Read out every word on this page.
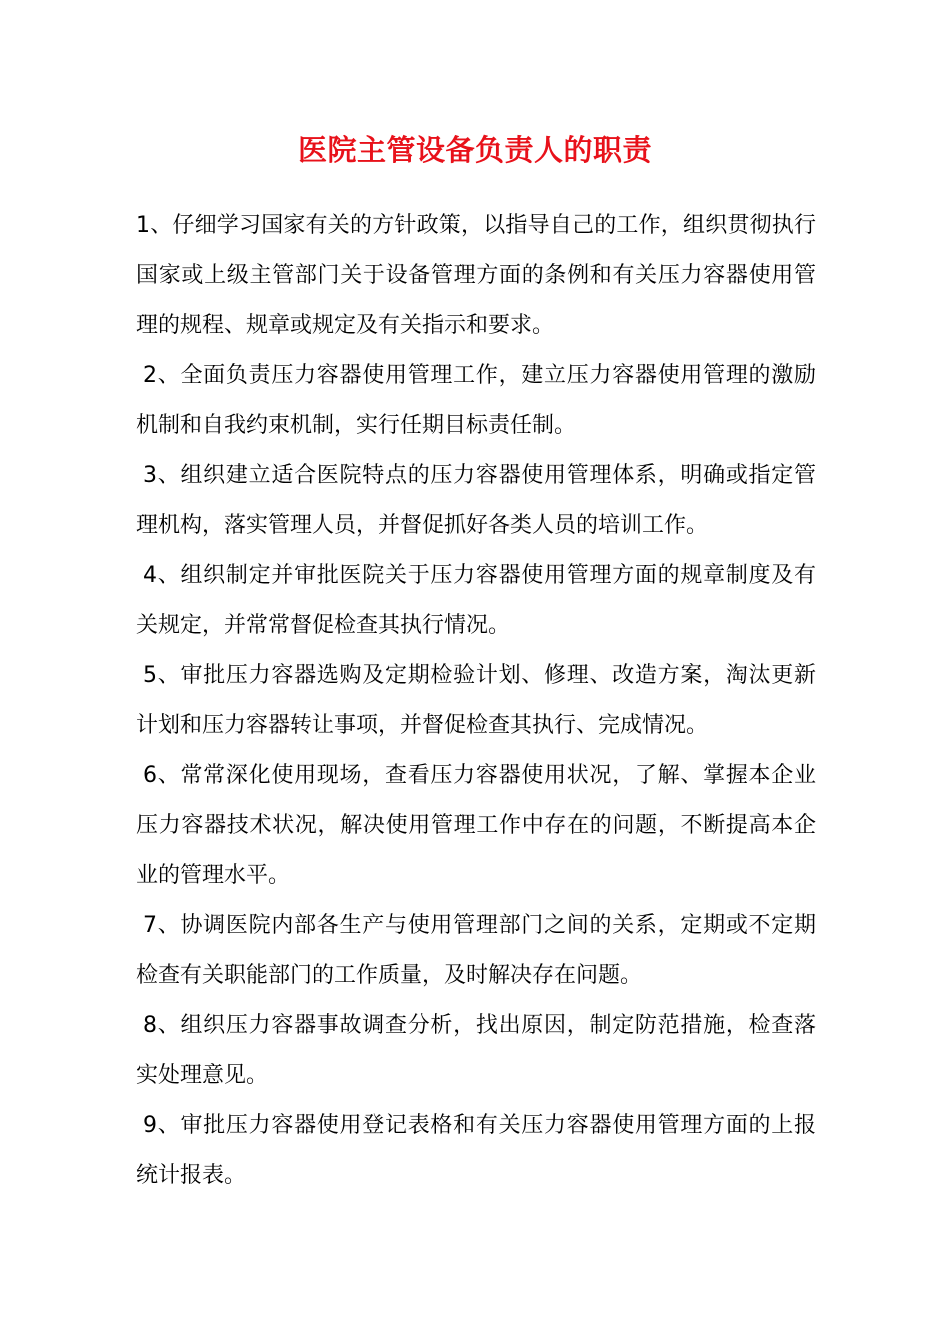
医院主管设备负责人的职责

1、仔细学习国家有关的方针政策，以指导自己的工作，组织贯彻执行国家或上级主管部门关于设备管理方面的条例和有关压力容器使用管理的规程、规章或规定及有关指示和要求。

2、全面负责压力容器使用管理工作，建立压力容器使用管理的激励机制和自我约束机制，实行任期目标责任制。

3、组织建立适合医院特点的压力容器使用管理体系，明确或指定管理机构，落实管理人员，并督促抓好各类人员的培训工作。

4、组织制定并审批医院关于压力容器使用管理方面的规章制度及有关规定，并常常督促检查其执行情况。

5、审批压力容器选购及定期检验计划、修理、改造方案，淘汰更新计划和压力容器转让事项，并督促检查其执行、完成情况。

6、常常深化使用现场，查看压力容器使用状况，了解、掌握本企业压力容器技术状况，解决使用管理工作中存在的问题，不断提高本企业的管理水平。

7、协调医院内部各生产与使用管理部门之间的关系，定期或不定期检查有关职能部门的工作质量，及时解决存在问题。

8、组织压力容器事故调查分析，找出原因，制定防范措施，检查落实处理意见。

9、审批压力容器使用登记表格和有关压力容器使用管理方面的上报统计报表。
